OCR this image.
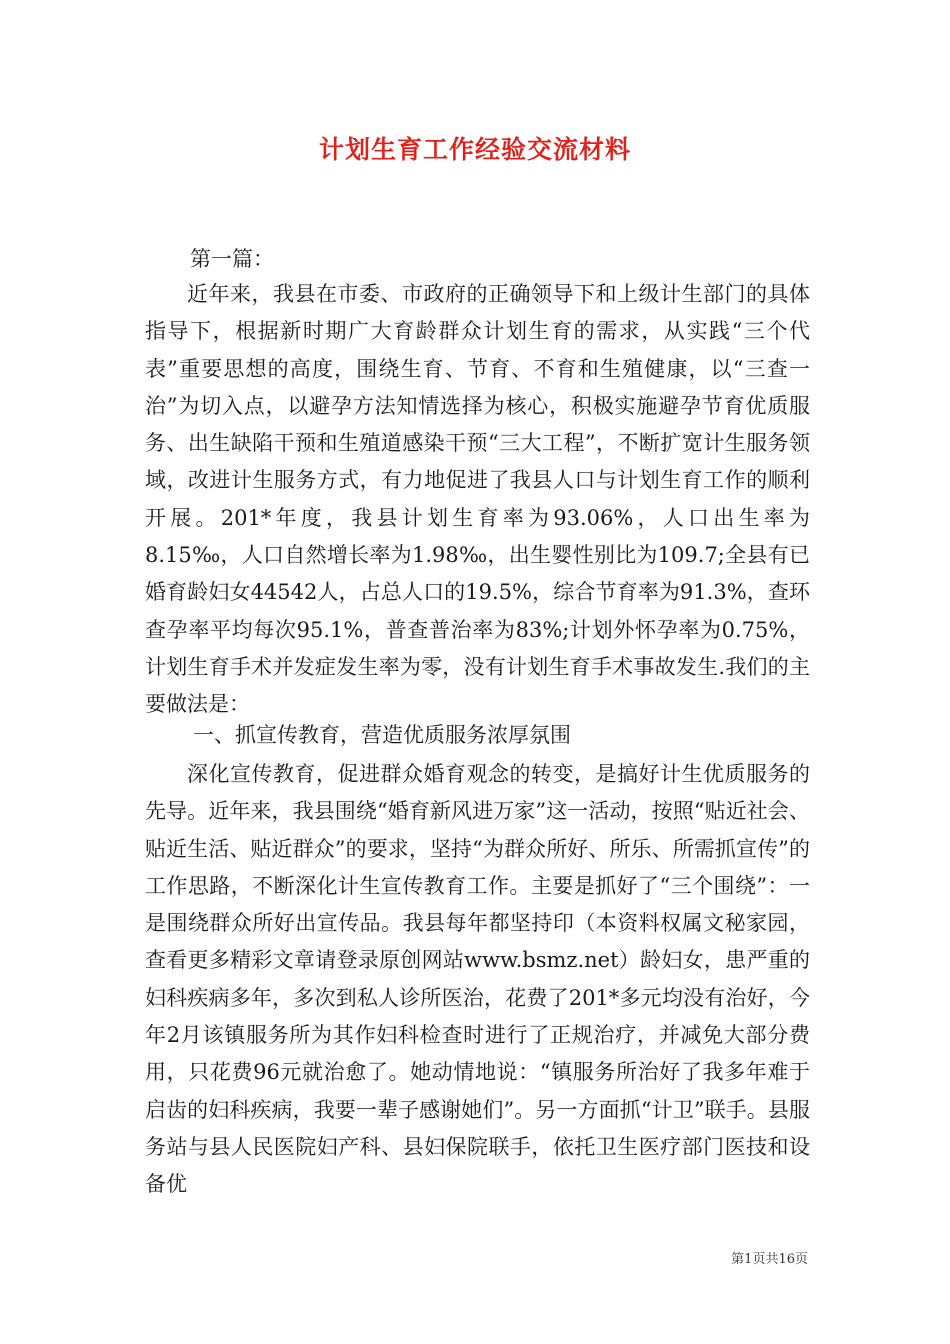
计划生育工作经验交流材料
第一篇：

近年来，我县在市委、市政府的正确领导下和上级计生部门的具体指导下，根据新时期广大育龄群众计划生育的需求，从实践“三个代表”重要思想的高度，围绕生育、节育、不育和生殖健康，以“三查一治”为切入点，以避孕方法知情选择为核心，积极实施避孕节育优质服务、出生缺陷干预和生殖道感染干预“三大工程”，不断扩宽计生服务领域，改进计生服务方式，有力地促进了我县人口与计划生育工作的顺利开展。201*年度，我县计划生育率为93.06%，人口出生率为8.15‰，人口自然增长率为1.98‰，出生婴性别比为109.7;全县有已婚育龄妇女44542人，占总人口的19.5%，综合节育率为91.3%，查环查孕率平均每次95.1%，普查普治率为83%;计划外怀孕率为0.75%，计划生育手术并发症发生率为零，没有计划生育手术事故发生.我们的主要做法是：

一、抓宣传教育，营造优质服务浓厚氛围

深化宣传教育，促进群众婚育观念的转变，是搞好计生优质服务的先导。近年来，我县围绕“婚育新风进万家”这一活动，按照“贴近社会、贴近生活、贴近群众”的要求，坚持“为群众所好、所乐、所需抓宣传”的工作思路，不断深化计生宣传教育工作。主要是抓好了“三个围绕”：一是围绕群众所好出宣传品。我县每年都坚持印（本资料权属文秘家园，查看更多精彩文章请登录原创网站www.bsmz.net）龄妇女，患严重的妇科疾病多年，多次到私人诊所医治，花费了201*多元均没有治好，今年2月该镇服务所为其作妇科检查时进行了正规治疗，并减免大部分费用，只花费96元就治愈了。她动情地说：“镇服务所治好了我多年难于启齿的妇科疾病，我要一辈子感谢她们”。另一方面抓“计卫”联手。县服务站与县人民医院妇产科、县妇保院联手，依托卫生医疗部门医技和设备优

第1页共16页
